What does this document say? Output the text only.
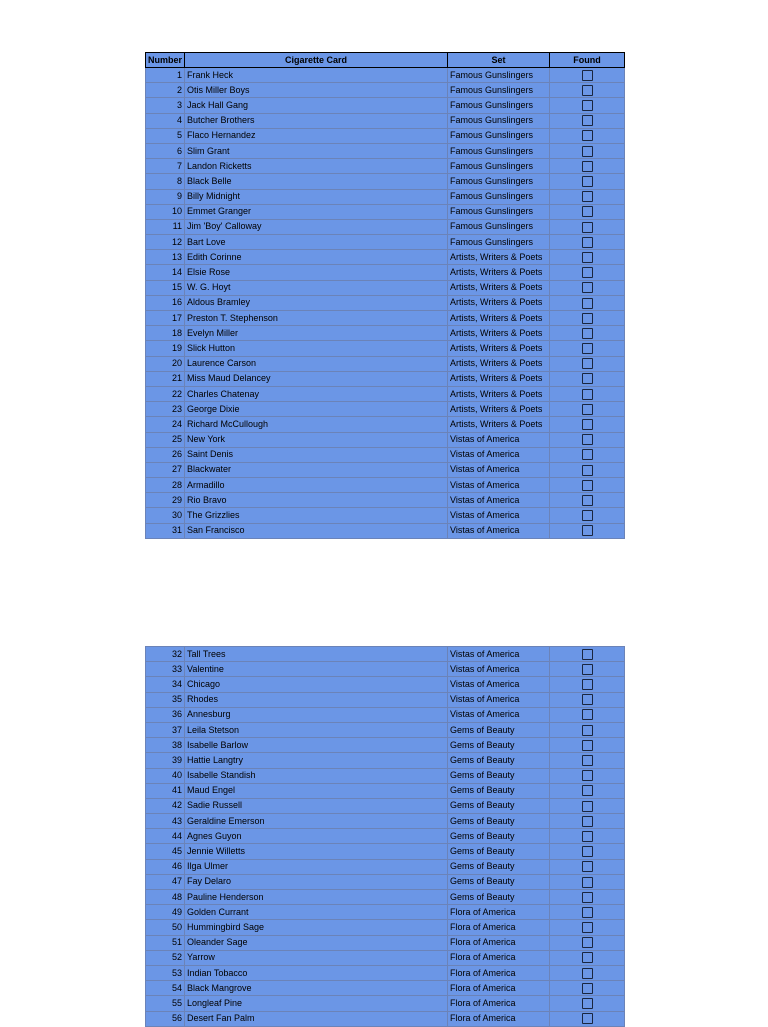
Number	Cigarette Card	Set	Found
1	Frank Heck	Famous Gunslingers	
2	Otis Miller Boys	Famous Gunslingers	
3	Jack Hall Gang	Famous Gunslingers	
4	Butcher Brothers	Famous Gunslingers	
5	Flaco Hernandez	Famous Gunslingers	
6	Slim Grant	Famous Gunslingers	
7	Landon Ricketts	Famous Gunslingers	
8	Black Belle	Famous Gunslingers	
9	Billy Midnight	Famous Gunslingers	
10	Emmet Granger	Famous Gunslingers	
11	Jim 'Boy' Calloway	Famous Gunslingers	
12	Bart Love	Famous Gunslingers	
13	Edith Corinne	Artists, Writers & Poets	
14	Elsie Rose	Artists, Writers & Poets	
15	W. G. Hoyt	Artists, Writers & Poets	
16	Aldous Bramley	Artists, Writers & Poets	
17	Preston T. Stephenson	Artists, Writers & Poets	
18	Evelyn Miller	Artists, Writers & Poets	
19	Slick Hutton	Artists, Writers & Poets	
20	Laurence Carson	Artists, Writers & Poets	
21	Miss Maud Delancey	Artists, Writers & Poets	
22	Charles Chatenay	Artists, Writers & Poets	
23	George Dixie	Artists, Writers & Poets	
24	Richard McCullough	Artists, Writers & Poets	
25	New York	Vistas of America	
26	Saint Denis	Vistas of America	
27	Blackwater	Vistas of America	
28	Armadillo	Vistas of America	
29	Rio Bravo	Vistas of America	
30	The Grizzlies	Vistas of America	
31	San Francisco	Vistas of America	
32	Tall Trees	Vistas of America	
33	Valentine	Vistas of America	
34	Chicago	Vistas of America	
35	Rhodes	Vistas of America	
36	Annesburg	Vistas of America	
37	Leila Stetson	Gems of Beauty	
38	Isabelle Barlow	Gems of Beauty	
39	Hattie Langtry	Gems of Beauty	
40	Isabelle Standish	Gems of Beauty	
41	Maud Engel	Gems of Beauty	
42	Sadie Russell	Gems of Beauty	
43	Geraldine Emerson	Gems of Beauty	
44	Agnes Guyon	Gems of Beauty	
45	Jennie Willetts	Gems of Beauty	
46	Ilga Ulmer	Gems of Beauty	
47	Fay Delaro	Gems of Beauty	
48	Pauline Henderson	Gems of Beauty	
49	Golden Currant	Flora of America	
50	Hummingbird Sage	Flora of America	
51	Oleander Sage	Flora of America	
52	Yarrow	Flora of America	
53	Indian Tobacco	Flora of America	
54	Black Mangrove	Flora of America	
55	Longleaf Pine	Flora of America	
56	Desert Fan Palm	Flora of America	
